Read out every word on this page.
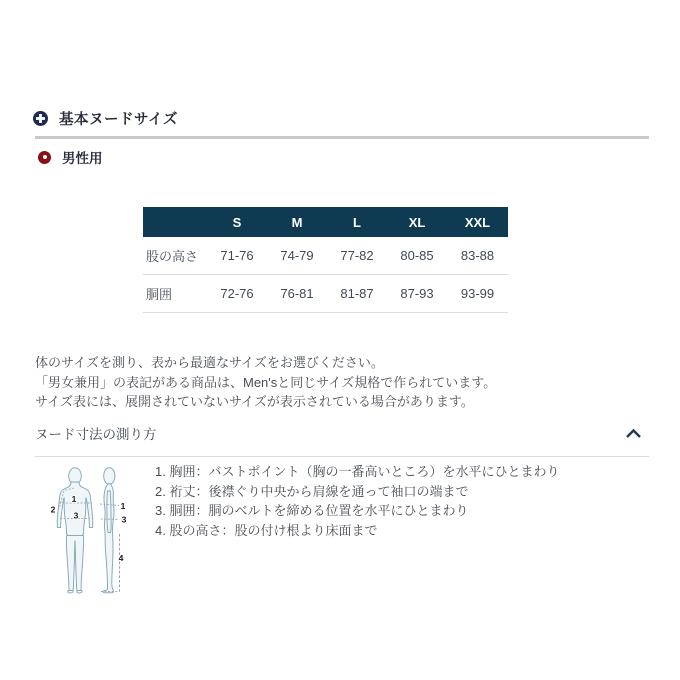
基本ヌードサイズ
男性用
	S	M	L	XL	XXL
股の高さ	71-76	74-79	77-82	80-85	83-88
胴囲	72-76	76-81	81-87	87-93	93-99
体のサイズを測り、表から最適なサイズをお選びください。
「男女兼用」の表記がある商品は、Men'sと同じサイズ規格で作られています。
サイズ表には、展開されていないサイズが表示されている場合があります。
ヌード寸法の測り方
1
1
2
3	3
4
1. 胸囲：バストポイント（胸の一番高いところ）を水平にひとまわり
2. 裄丈：後襟ぐり中央から肩線を通って袖口の端まで
3. 胴囲：胴のベルトを締める位置を水平にひとまわり
4. 股の高さ：股の付け根より床面まで
